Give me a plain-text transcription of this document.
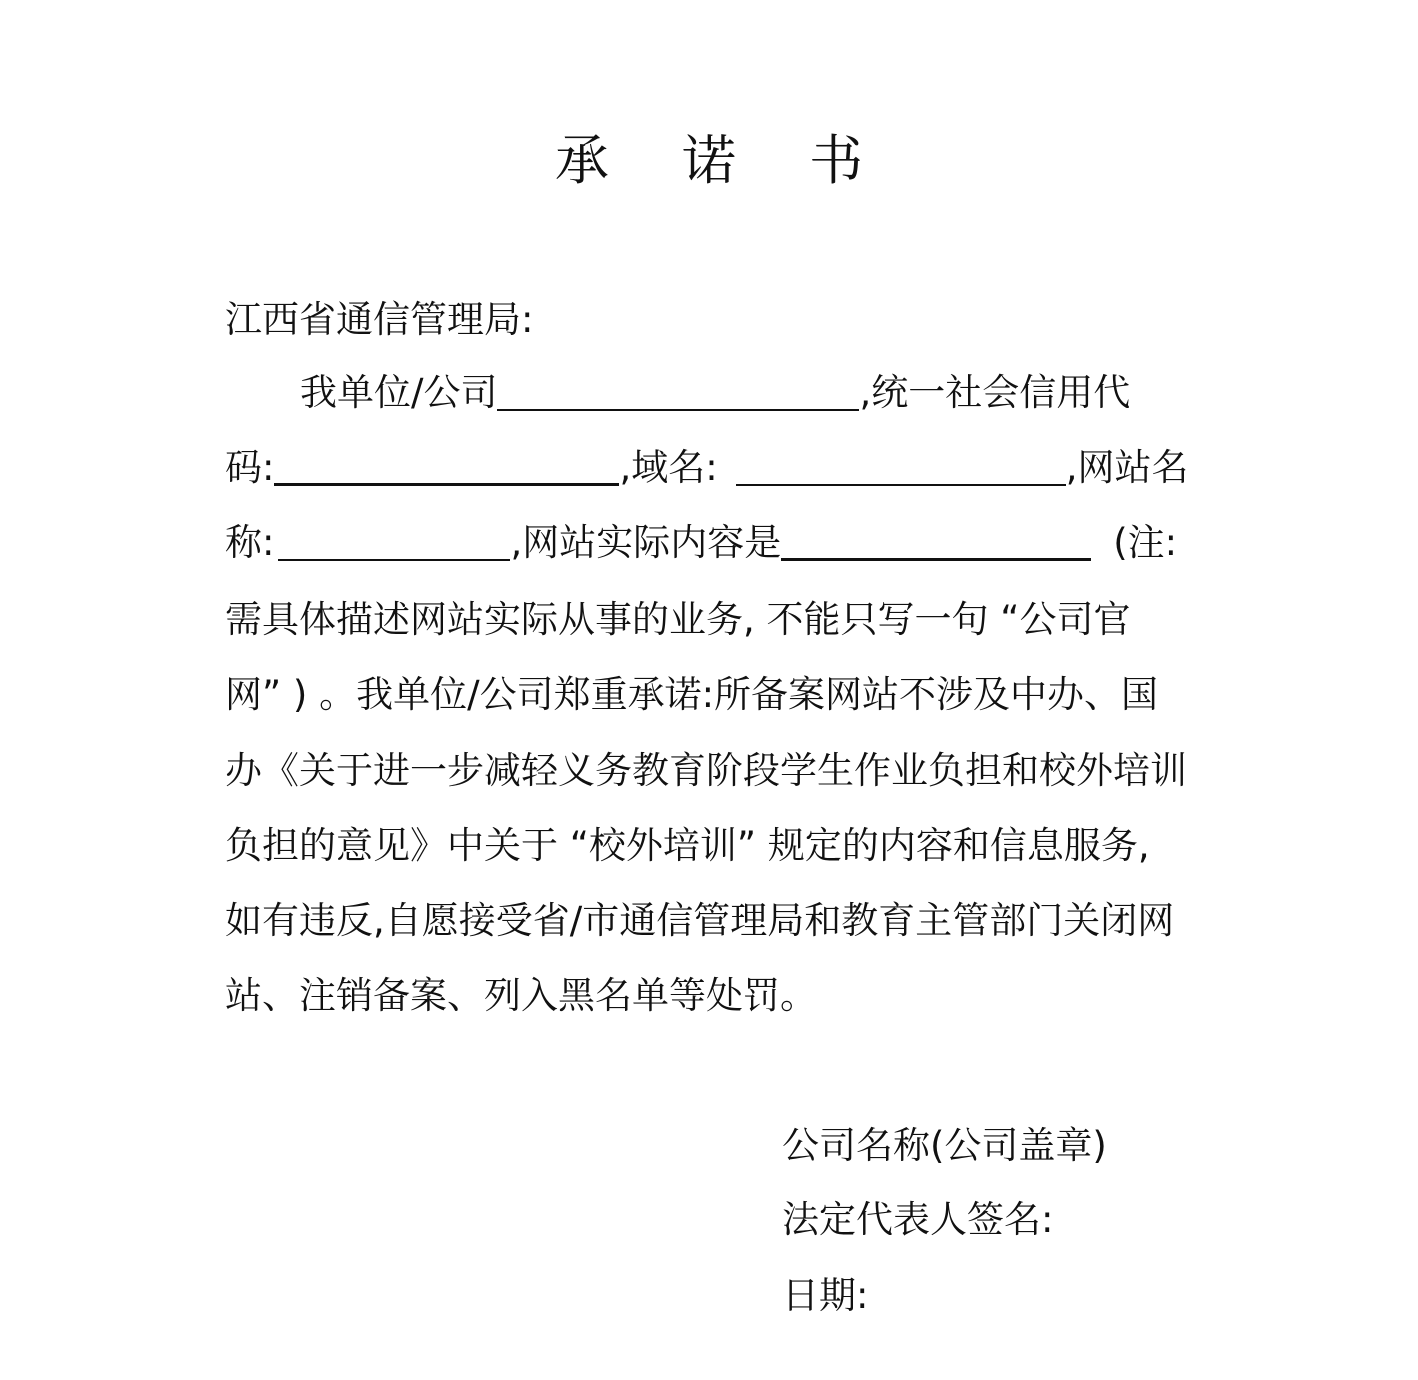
承 诺 书
江西省通信管理局:
我单位/公司	,统一社会信用代
码:	,域名:	,网站名
称:	,网站实际内容是	(注:
需具体描述网站实际从事的业务, 不能只写一句 “公司官
网” ) 。我单位/公司郑重承诺:所备案网站不涉及中办、国
办《关于进一步减轻义务教育阶段学生作业负担和校外培训
负担的意见》中关于 “校外培训” 规定的内容和信息服务,
如有违反,自愿接受省/市通信管理局和教育主管部门关闭网
站、注销备案、列入黑名单等处罚。
公司名称(公司盖章)
法定代表人签名:
日期:
